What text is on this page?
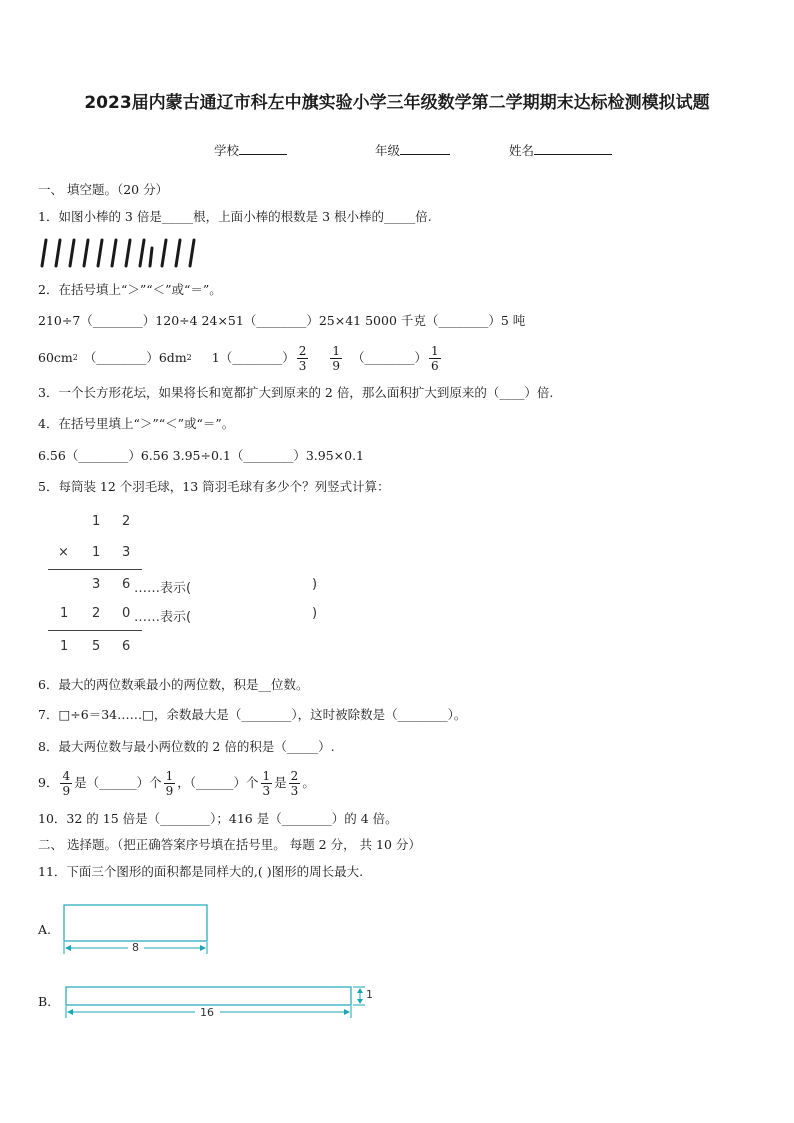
2023届内蒙古通辽市科左中旗实验小学三年级数学第二学期期末达标检测模拟试题
学校	年级	姓名
一、 填空题。（20 分）
1．如图小棒的 3 倍是_____根，上面小棒的根数是 3 根小棒的_____倍.
2．在括号填上“＞”“＜”或“＝”。
210÷7（________）120÷4 24×51（________）25×41 5000 千克（________）5 吨
60cm 2 （________）6dm 2 1（________） $\frac{2}{3} \frac{1}{9}$ （________） $\frac{1}{6}$
3．一个长方形花坛，如果将长和宽都扩大到原来的 2 倍，那么面积扩大到原来的（____）倍.
4．在括号里填上“＞”“＜”或“＝”。
6.56（________）6.56 3.95÷0.1（________）3.95×0.1
5．每筒装 12 个羽毛球，13 筒羽毛球有多少个？列竖式计算：
1 2
× 1 3
3 6 ……表示(	)
1 2 0 ……表示(	)
1 5 6
6．最大的两位数乘最小的两位数，积是__位数。
7．□÷6＝34……□，余数最大是（________），这时被除数是（________）。
8．最大两位数与最小两位数的 2 倍的积是（_____）.
9． $\frac{4}{9}$ 是（______）个 $\frac{1}{9}$ ，（______）个 $\frac{1}{3}$ 是 $\frac{2}{3}$ 。
10．32 的 15 倍是（________）；416 是（________）的 4 倍。
二、 选择题。（把正确答案序号填在括号里。 每题 2 分， 共 10 分）
11．下面三个图形的面积都是同样大的,( )图形的周长最大.
A.
8
B.
16
1
